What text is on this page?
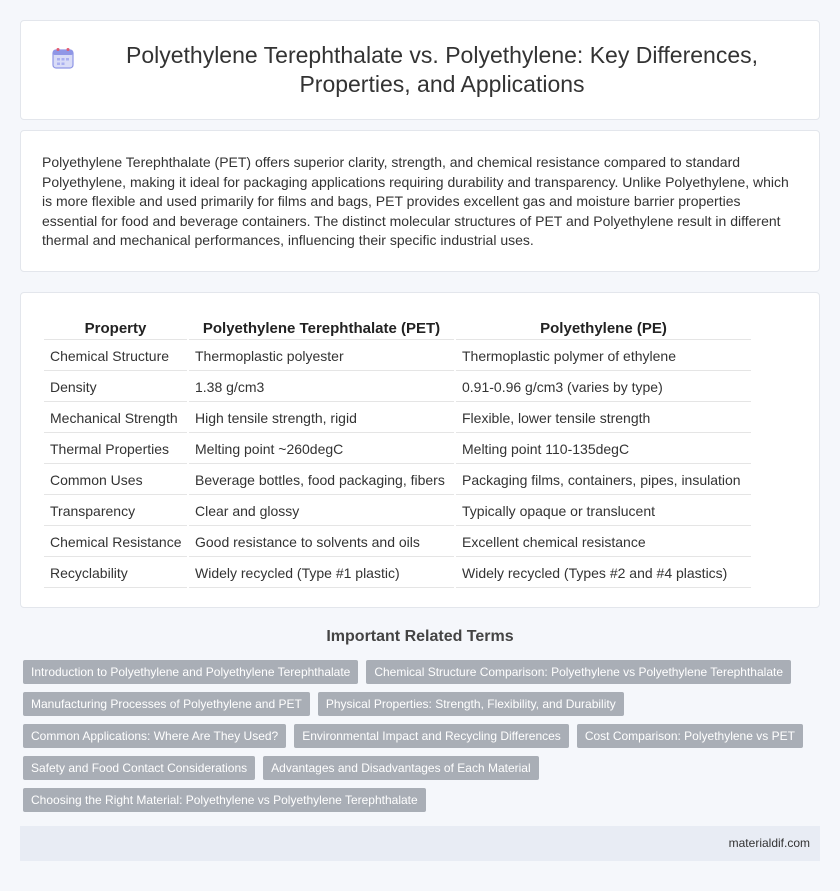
Polyethylene Terephthalate vs. Polyethylene: Key Differences, Properties, and Applications

Polyethylene Terephthalate (PET) offers superior clarity, strength, and chemical resistance compared to standard Polyethylene, making it ideal for packaging applications requiring durability and transparency. Unlike Polyethylene, which is more flexible and used primarily for films and bags, PET provides excellent gas and moisture barrier properties essential for food and beverage containers. The distinct molecular structures of PET and Polyethylene result in different thermal and mechanical performances, influencing their specific industrial uses.

Property	Polyethylene Terephthalate (PET)	Polyethylene (PE)
Chemical Structure	Thermoplastic polyester	Thermoplastic polymer of ethylene
Density	1.38 g/cm3	0.91-0.96 g/cm3 (varies by type)
Mechanical Strength	High tensile strength, rigid	Flexible, lower tensile strength
Thermal Properties	Melting point ~260degC	Melting point 110-135degC
Common Uses	Beverage bottles, food packaging, fibers	Packaging films, containers, pipes, insulation
Transparency	Clear and glossy	Typically opaque or translucent
Chemical Resistance	Good resistance to solvents and oils	Excellent chemical resistance
Recyclability	Widely recycled (Type #1 plastic)	Widely recycled (Types #2 and #4 plastics)
Important Related Terms
Introduction to Polyethylene and Polyethylene Terephthalate	Chemical Structure Comparison: Polyethylene vs Polyethylene Terephthalate
Manufacturing Processes of Polyethylene and PET	Physical Properties: Strength, Flexibility, and Durability
Common Applications: Where Are They Used?	Environmental Impact and Recycling Differences	Cost Comparison: Polyethylene vs PET
Safety and Food Contact Considerations	Advantages and Disadvantages of Each Material
Choosing the Right Material: Polyethylene vs Polyethylene Terephthalate
materialdif.com
